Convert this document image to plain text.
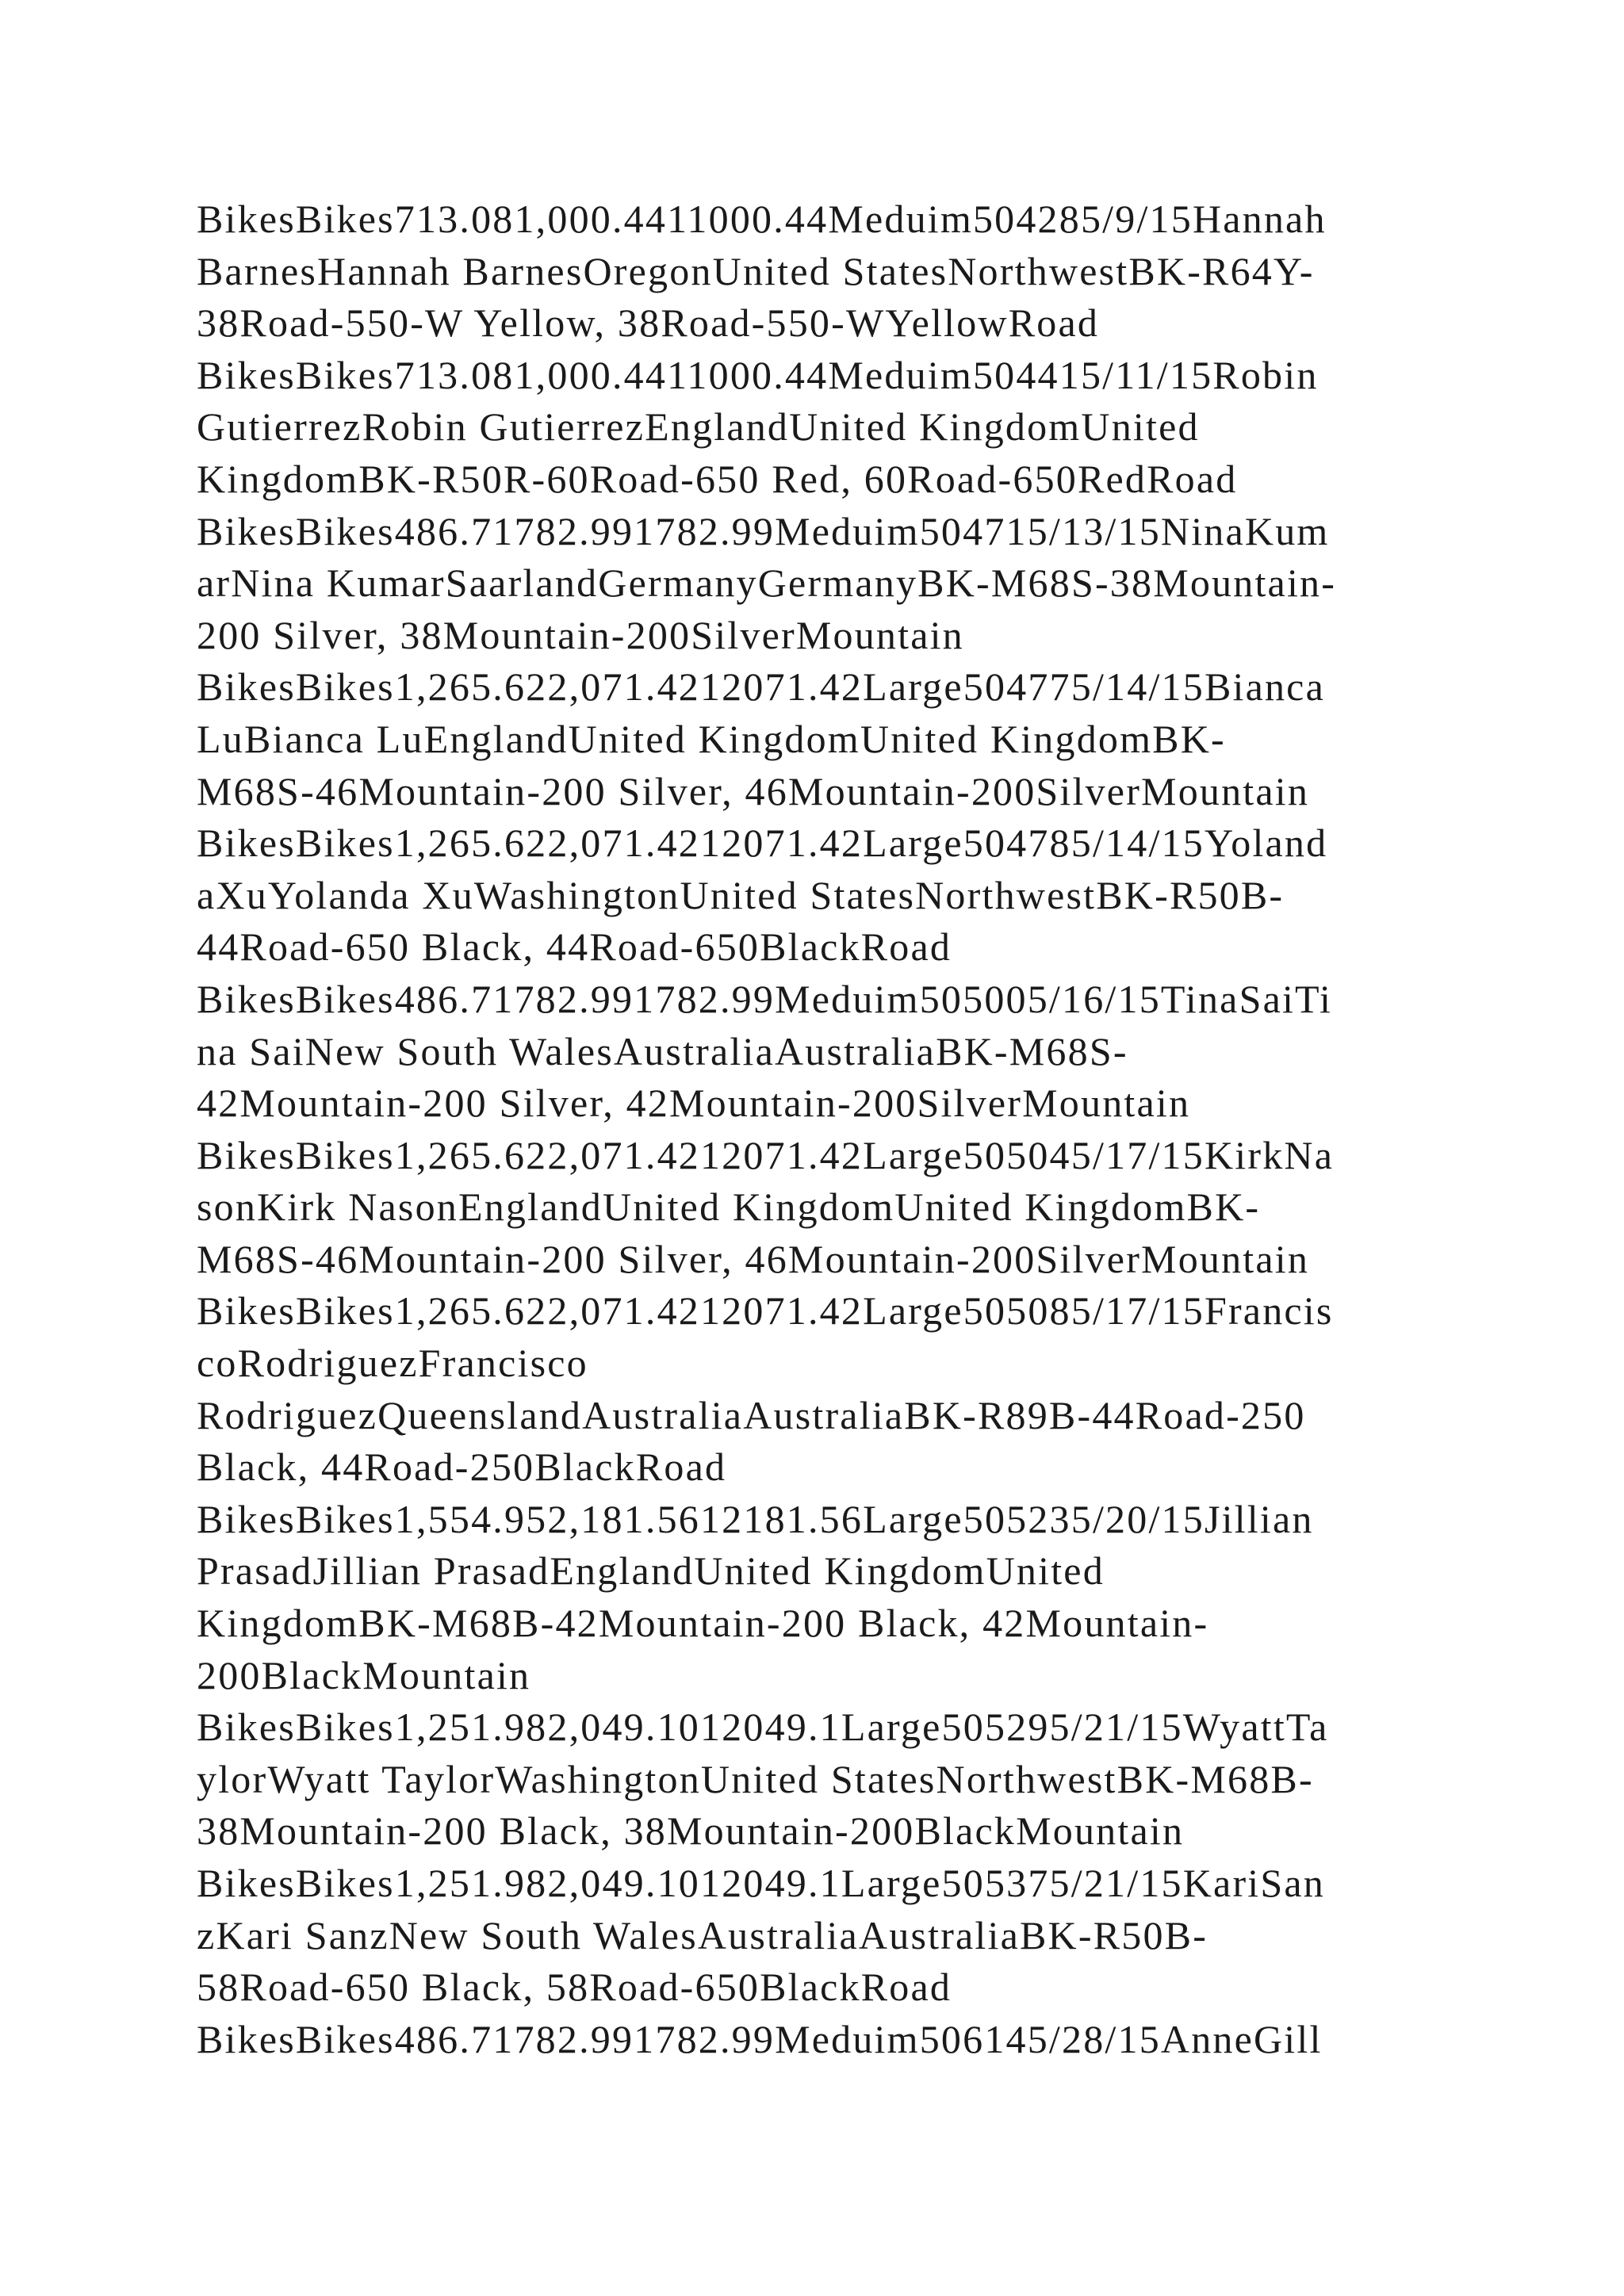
BikesBikes713.081,000.4411000.44Meduim504285/9/15Hannah
BarnesHannah BarnesOregonUnited StatesNorthwestBK-R64Y-
38Road-550-W Yellow, 38Road-550-WYellowRoad
BikesBikes713.081,000.4411000.44Meduim504415/11/15Robin
GutierrezRobin GutierrezEnglandUnited KingdomUnited
KingdomBK-R50R-60Road-650 Red, 60Road-650RedRoad
BikesBikes486.71782.991782.99Meduim504715/13/15NinaKum
arNina KumarSaarlandGermanyGermanyBK-M68S-38Mountain-
200 Silver, 38Mountain-200SilverMountain
BikesBikes1,265.622,071.4212071.42Large504775/14/15Bianca
LuBianca LuEnglandUnited KingdomUnited KingdomBK-
M68S-46Mountain-200 Silver, 46Mountain-200SilverMountain
BikesBikes1,265.622,071.4212071.42Large504785/14/15Yoland
aXuYolanda XuWashingtonUnited StatesNorthwestBK-R50B-
44Road-650 Black, 44Road-650BlackRoad
BikesBikes486.71782.991782.99Meduim505005/16/15TinaSaiTi
na SaiNew South WalesAustraliaAustraliaBK-M68S-
42Mountain-200 Silver, 42Mountain-200SilverMountain
BikesBikes1,265.622,071.4212071.42Large505045/17/15KirkNa
sonKirk NasonEnglandUnited KingdomUnited KingdomBK-
M68S-46Mountain-200 Silver, 46Mountain-200SilverMountain
BikesBikes1,265.622,071.4212071.42Large505085/17/15Francis
coRodriguezFrancisco
RodriguezQueenslandAustraliaAustraliaBK-R89B-44Road-250
Black, 44Road-250BlackRoad
BikesBikes1,554.952,181.5612181.56Large505235/20/15Jillian
PrasadJillian PrasadEnglandUnited KingdomUnited
KingdomBK-M68B-42Mountain-200 Black, 42Mountain-
200BlackMountain
BikesBikes1,251.982,049.1012049.1Large505295/21/15WyattTa
ylorWyatt TaylorWashingtonUnited StatesNorthwestBK-M68B-
38Mountain-200 Black, 38Mountain-200BlackMountain
BikesBikes1,251.982,049.1012049.1Large505375/21/15KariSan
zKari SanzNew South WalesAustraliaAustraliaBK-R50B-
58Road-650 Black, 58Road-650BlackRoad
BikesBikes486.71782.991782.99Meduim506145/28/15AnneGill
